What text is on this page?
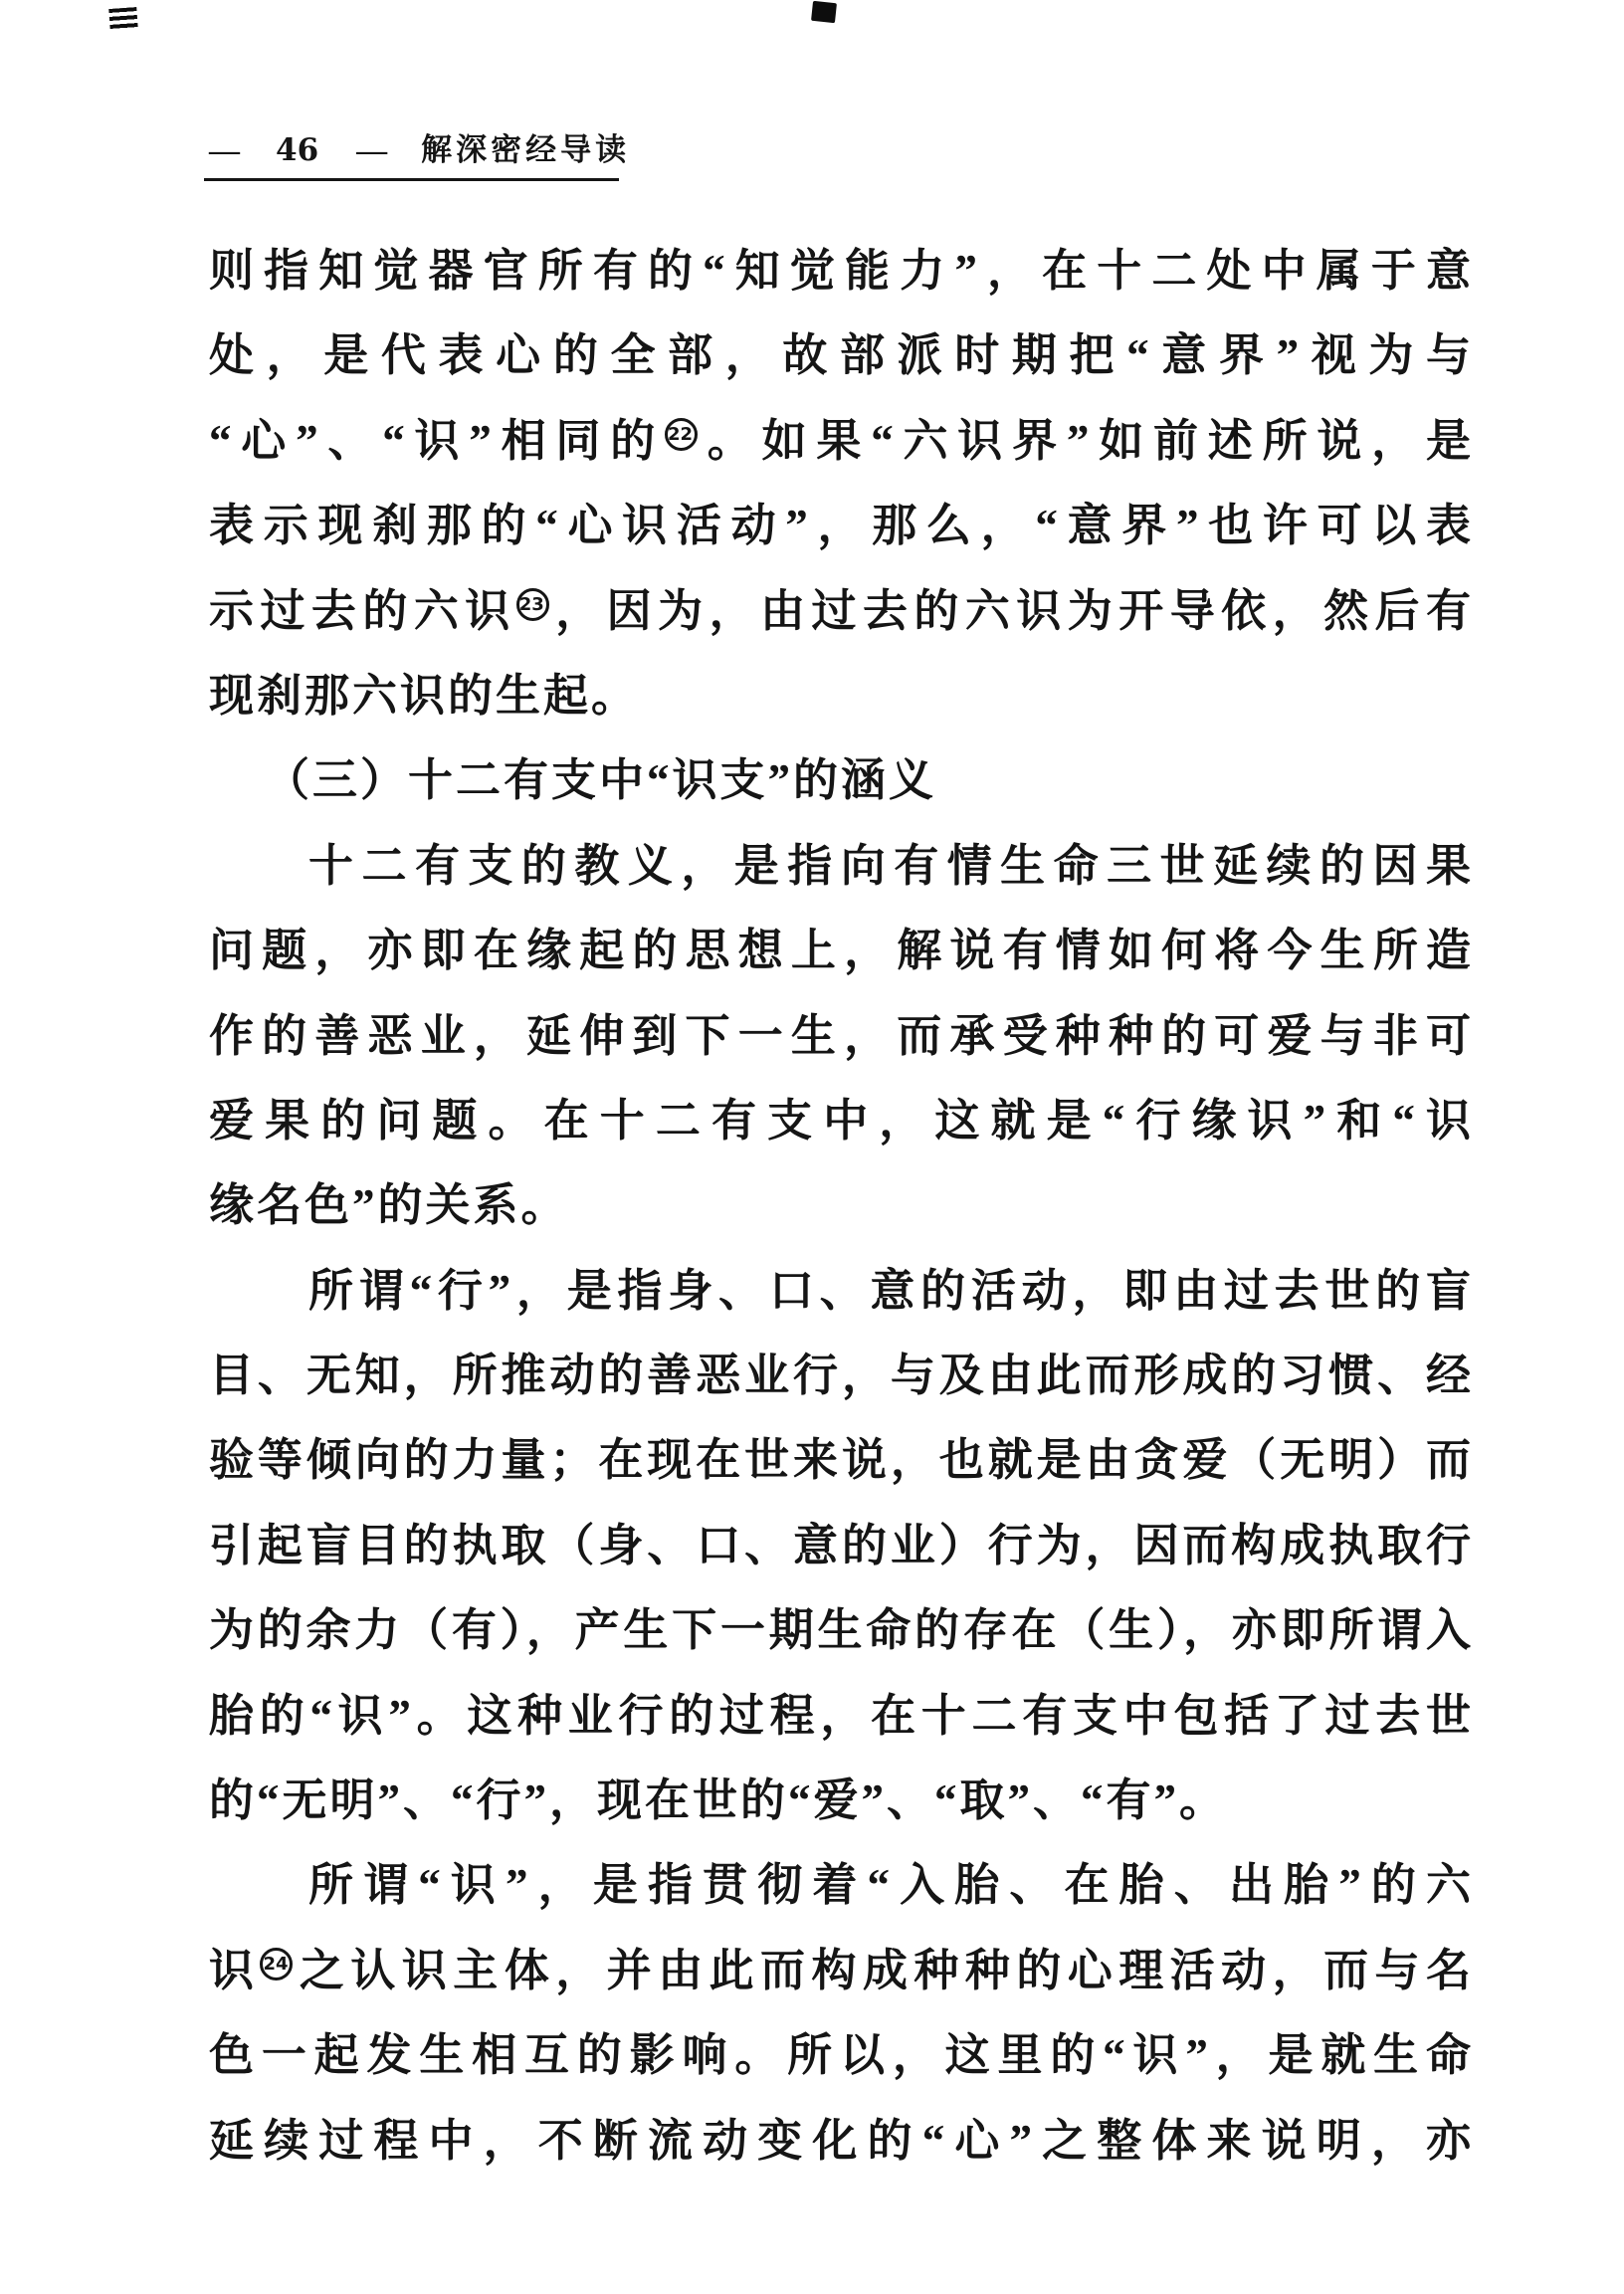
— 46 — 解深密经导读
则指知觉器官所有的“知觉能力”，在十二处中属于意
处，是代表心的全部，故部派时期把“意界”视为与
“心”、“识”相同的 22 。如果“六识界”如前述所说，是
表示现刹那的“心识活动”，那么，“意界”也许可以表
示过去的六识 23 ，因为，由过去的六识为开导依，然后有
现刹那六识的生起。
（三）十二有支中“识支”的涵义
十二有支的教义，是指向有情生命三世延续的因果
问题，亦即在缘起的思想上，解说有情如何将今生所造
作的善恶业，延伸到下一生，而承受种种的可爱与非可
爱果的问题。在十二有支中，这就是“行缘识”和“识
缘名色”的关系。
所谓“行”，是指身、口、意的活动，即由过去世的盲
目、无知，所推动的善恶业行，与及由此而形成的习惯、经
验等倾向的力量；在现在世来说，也就是由贪爱（无明）而
引起盲目的执取（身、口、意的业）行为，因而构成执取行
为的余力（有），产生下一期生命的存在（生），亦即所谓入
胎的“识”。这种业行的过程，在十二有支中包括了过去世
的“无明”、“行”，现在世的“爱”、“取”、“有”。
所谓“识”，是指贯彻着“入胎、在胎、出胎”的六
识 24 之认识主体，并由此而构成种种的心理活动，而与名
色一起发生相互的影响。所以，这里的“识”，是就生命
延续过程中，不断流动变化的“心”之整体来说明，亦
